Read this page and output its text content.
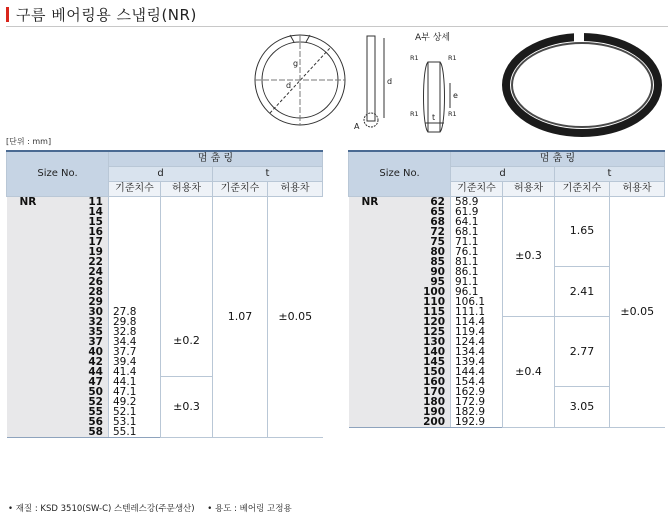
구름 베어링용 스냅링(NR)
g
d	d
A
A부 상세
R1	R1
R1	R1
e
t
[단위 : mm]
Size No.		멈 춤 링			
		d		t	
		기준치수	허용차	기준치수	허용차
NR	11			1.07	±0.05
	14				
	15				
	16				
	17				
	19				
	22				
	24				
	26				
	28				
	29				
	30	27.8	±0.2		
	32	29.8			
	35	32.8			
	37	34.4			
	40	37.7			
	42	39.4			
	44	41.4			
	47	44.1	±0.3		
	50	47.1			
	52	49.2			
	55	52.1			
	56	53.1			
	58	55.1			
Size No.		멈 춤 링			
		d		t	
		기준치수	허용차	기준치수	허용차
NR	62	58.9	±0.3	1.65	±0.05
	65	61.9			
	68	64.1			
	72	68.1			
	75	71.1			
	80	76.1			
	85	81.1			
	90	86.1		2.41	
	95	91.1			
	100	96.1			
	110	106.1			
	115	111.1			
	120	114.4	±0.4	2.77	
	125	119.4			
	130	124.4			
	140	134.4			
	145	139.4			
	150	144.4			
	160	154.4			
	170	162.9		3.05	
	180	172.9			
	190	182.9			
	200	192.9			
• 재질 : KSD 3510(SW-C) 스텐레스강(주문생산) • 용도 : 베어링 고정용
